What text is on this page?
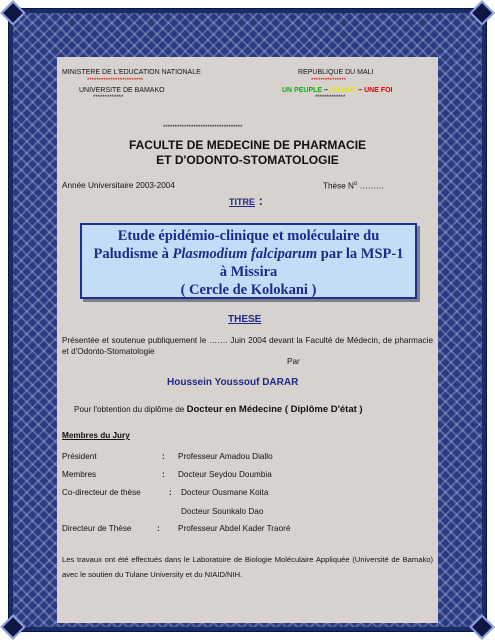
MINISTERE DE L'EDUCATION NATIONALE
************************
UNIVERSITE DE BAMAKO
*************
REPUBLIQUE DU MALI
***************
UN PEUPLE – UN BUT – UNE FOI
*************
**********************************
FACULTE DE MEDECINE DE PHARMACIE
ET D'ODONTO-STOMATOLOGIE
Année Universitaire 2003-2004	Thèse $N^o$ ………
TITRE :
Etude épidémio-clinique et moléculaire du
Paludisme à Plasmodium falciparum par la MSP-1
à Missira
( Cercle de Kolokani )
THESE
Présentée et soutenue publiquement le ……. Juin 2004 devant la Faculté de Médecin, de pharmacie et d'Odonto-Stomatologie
Par
Houssein Youssouf DARAR
Pour l'obtention du diplôme de Docteur en Médecine ( Diplôme D'état )
Membres du Jury
Président	: Professeur Amadou Diallo
Membres	: Docteur Seydou Doumbia
Co-directeur de thèse	: Docteur Ousmane Koita
Docteur Sounkalo Dao
Directeur de Thèse	: Professeur Abdel Kader Traoré
Les travaux ont été effectués dans le Laboratoire de Biologie Moléculaire Appliquée (Université de Bamako) avec le soutien du Tulane University et du NIAID/NIH.
